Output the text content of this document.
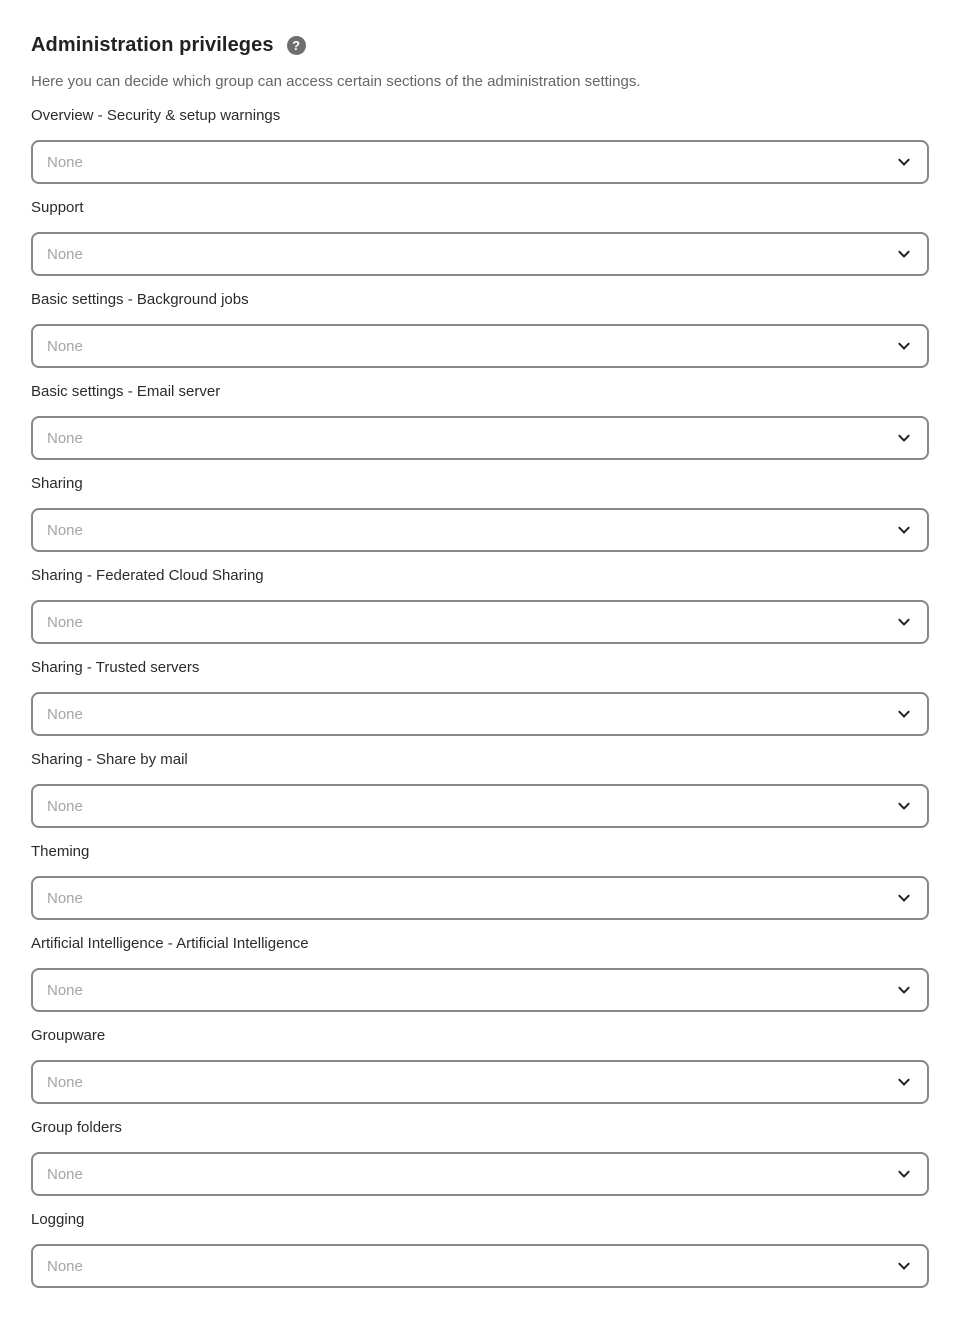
Administration privileges	?

Here you can decide which group can access certain sections of the administration settings.

Overview - Security & setup warnings
None
Support
None
Basic settings - Background jobs
None
Basic settings - Email server
None
Sharing
None
Sharing - Federated Cloud Sharing
None
Sharing - Trusted servers
None
Sharing - Share by mail
None
Theming
None
Artificial Intelligence - Artificial Intelligence
None
Groupware
None
Group folders
None
Logging
None
